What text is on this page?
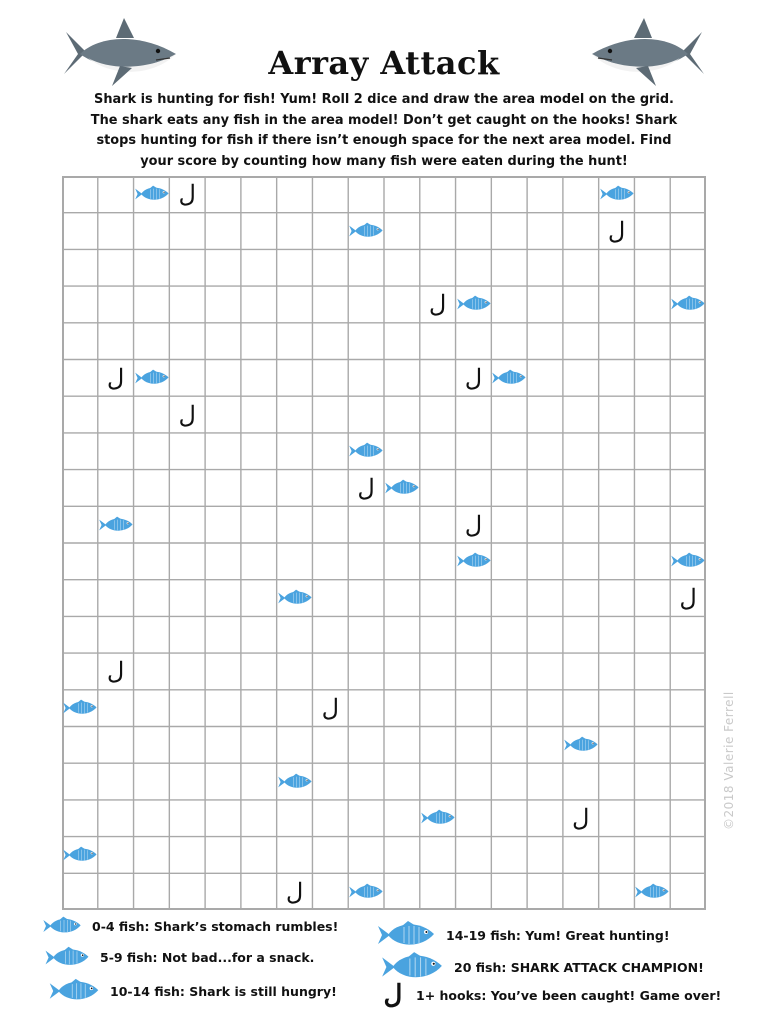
Array Attack
Shark is hunting for fish! Yum! Roll 2 dice and draw the area model on the grid.
The shark eats any fish in the area model! Don’t get caught on the hooks! Shark
stops hunting for fish if there isn’t enough space for the next area model. Find
your score by counting how many fish were eaten during the hunt!
ل
ل
ل
ل	ل
ل
ل
ل
ل
ل
ل
ل
ل
©2018 Valerie Ferrell
0-4 fish: Shark’s stomach rumbles!
5-9 fish: Not bad...for a snack.
10-14 fish: Shark is still hungry!
14-19 fish: Yum! Great hunting!
20 fish: SHARK ATTACK CHAMPION!
ل 1+ hooks: You’ve been caught! Game over!
